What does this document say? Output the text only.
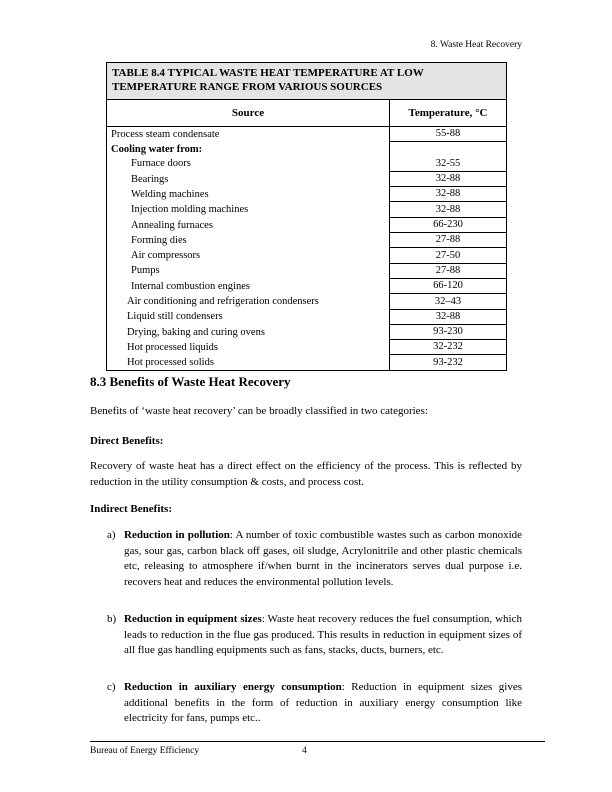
8. Waste Heat Recovery
TABLE 8.4 TYPICAL WASTE HEAT TEMPERATURE AT LOW TEMPERATURE RANGE FROM VARIOUS SOURCES	
Source	Temperature, °C
Process steam condensate	55-88
Cooling water from:	
Furnace doors	32-55
Bearings	32-88
Welding machines	32-88
Injection molding machines	32-88
Annealing furnaces	66-230
Forming dies	27-88
Air compressors	27-50
Pumps	27-88
Internal combustion engines	66-120
Air conditioning and refrigeration condensers	32–43
Liquid still condensers	32-88
Drying, baking and curing ovens	93-230
Hot processed liquids	32-232
Hot processed solids	93-232
8.3 Benefits of Waste Heat Recovery
Benefits of ‘waste heat recovery’ can be broadly classified in two categories:
Direct Benefits:
Recovery of waste heat has a direct effect on the efficiency of the process. This is reflected by reduction in the utility consumption & costs, and process cost.
Indirect Benefits:
a) Reduction in pollution: A number of toxic combustible wastes such as carbon monoxide gas, sour gas, carbon black off gases, oil sludge, Acrylonitrile and other plastic chemicals etc, releasing to atmosphere if/when burnt in the incinerators serves dual purpose i.e. recovers heat and reduces the environmental pollution levels.
b) Reduction in equipment sizes: Waste heat recovery reduces the fuel consumption, which leads to reduction in the flue gas produced. This results in reduction in equipment sizes of all flue gas handling equipments such as fans, stacks, ducts, burners, etc.
c) Reduction in auxiliary energy consumption: Reduction in equipment sizes gives additional benefits in the form of reduction in auxiliary energy consumption like electricity for fans, pumps etc..
Bureau of Energy Efficiency	4
